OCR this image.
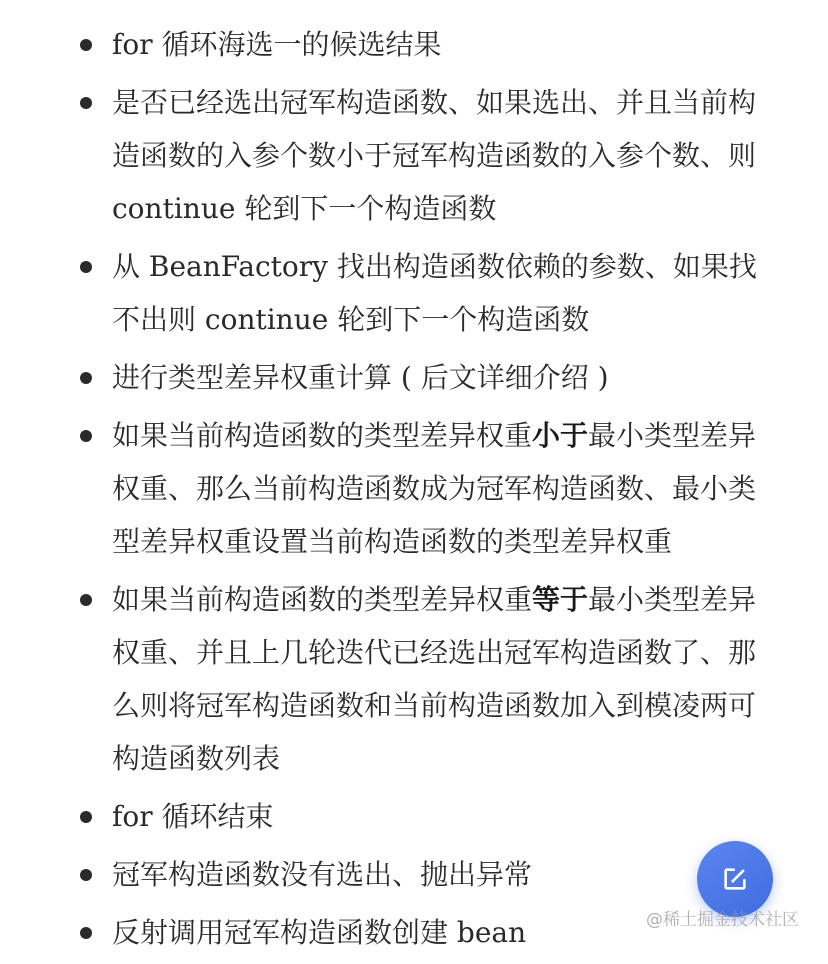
for 循环海选一的候选结果
是否已经选出冠军构造函数、如果选出、并且当前构造函数的入参个数小于冠军构造函数的入参个数、则 continue 轮到下一个构造函数
从 BeanFactory 找出构造函数依赖的参数、如果找不出则 continue 轮到下一个构造函数
进行类型差异权重计算 ( 后文详细介绍 )
如果当前构造函数的类型差异权重小于最小类型差异权重、那么当前构造函数成为冠军构造函数、最小类型差异权重设置当前构造函数的类型差异权重
如果当前构造函数的类型差异权重等于最小类型差异权重、并且上几轮迭代已经选出冠军构造函数了、那么则将冠军构造函数和当前构造函数加入到模凌两可构造函数列表
for 循环结束
冠军构造函数没有选出、抛出异常
反射调用冠军构造函数创建 bean	@稀土掘金技术社区
